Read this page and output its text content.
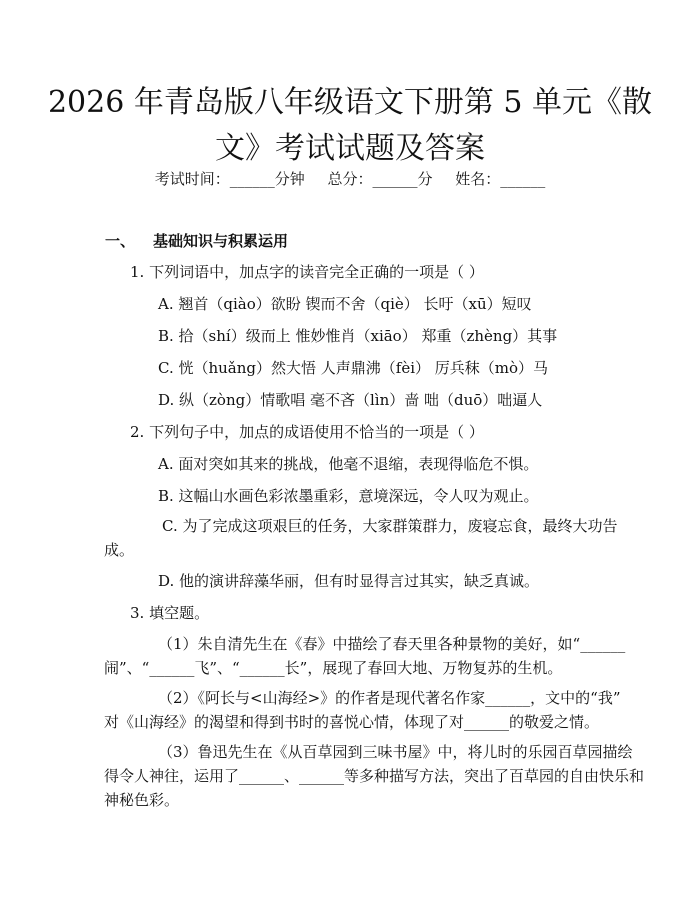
2026 年青岛版八年级语文下册第 5 单元《散
文》考试试题及答案
考试时间：______分钟 总分：______分 姓名：______
一、 基础知识与积累运用
1. 下列词语中，加点字的读音完全正确的一项是（ ）
A. 翘首（qiào）欲盼 锲而不舍（qiè） 长吁（xū）短叹
B. 拾（shí）级而上 惟妙惟肖（xiāo） 郑重（zhèng）其事
C. 恍（huǎng）然大悟 人声鼎沸（fèi） 厉兵秣（mò）马
D. 纵（zòng）情歌唱 毫不吝（lìn）啬 咄（duō）咄逼人
2. 下列句子中，加点的成语使用不恰当的一项是（ ）
A. 面对突如其来的挑战，他毫不退缩，表现得临危不惧。
B. 这幅山水画色彩浓墨重彩，意境深远，令人叹为观止。
C. 为了完成这项艰巨的任务，大家群策群力，废寝忘食，最终大功告
成。
D. 他的演讲辞藻华丽，但有时显得言过其实，缺乏真诚。
3. 填空题。
（1）朱自清先生在《春》中描绘了春天里各种景物的美好，如“______
闹”、“______飞”、“______长”，展现了春回大地、万物复苏的生机。
（2）《阿长与<山海经>》的作者是现代著名作家______，文中的“我”
对《山海经》的渴望和得到书时的喜悦心情，体现了对______的敬爱之情。
（3）鲁迅先生在《从百草园到三味书屋》中，将儿时的乐园百草园描绘
得令人神往，运用了______、______等多种描写方法，突出了百草园的自由快乐和
神秘色彩。
